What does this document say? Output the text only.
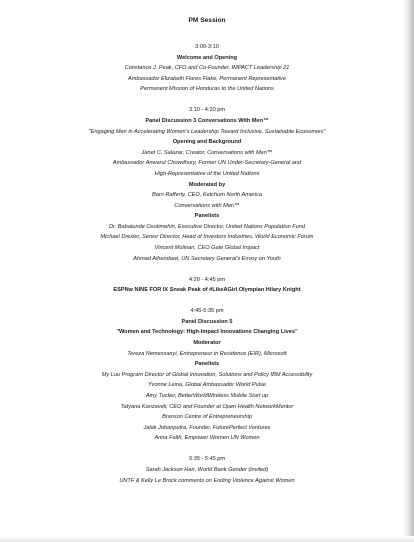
PM Session
3:00-3:10
Welcome and Opening
Constance J. Peak, CFO and Co-Founder, IMPACT Leadership 21
Ambassador Elizabeth Flores Flake, Permanent Representative
Permanent Mission of Honduras to the United Nations
3:10 - 4:20 pm
Panel Discussion 3 Conversations With Men™
"Engaging Men in Accelerating Women's Leadership Toward Inclusive, Sustainable Economies"
Opening and Background
Janet C. Salazar, Creator, Conversations with Men™
Ambassador Anwarul Chowdhury, Former UN Under-Secretary-General and
High-Representative of the United Nations
Moderated by
Barri Rafferty, CEO, Ketchum North America
Conversations with Men™
Panelists
Dr. Babatunde Osotimehin, Executive Director, United Nations Population Fund
Michael Drexler, Senior Director, Head of Investors Industries, World Economic Forum
Vincent Molinari, CEO Gate Global Impact
Ahmad Alhendawi, UN Secretary General's Envoy on Youth
4:20 - 4:45 pm
ESPNw NINE FOR IX Sneak Peak of #LikeAGirl Olympian Hilary Knight
4:45-5:35 pm
Panel Discussion 5
"Women and Technology: High-Impact Innovations Changing Lives"
Moderator
Tereza Nemessanyi, Entrepreneur in Residence (EIR), Microsoft
Panelists
My Luu Program Director of Global Innovation, Solutions and Policy IBM Accessibility
Yvonne Leina, Global Ambassador World Pulse
Amy Tucker, BetterWorldWireless Mobile Start up
Tatyana Kanzaveli, CEO and Founder at Open Health NetworkMentor
Branson Centre of Entrepreneurship
Jalak Jobanputra, Founder, FuturePerfect Ventures
Anna Falth, Empower Women UN Women
5:35 - 5:45 pm
Sarah Jackson Han, World Bank Gender (invited)
UNTF & Kelly Le Brock comments on Ending Violence Against Women
